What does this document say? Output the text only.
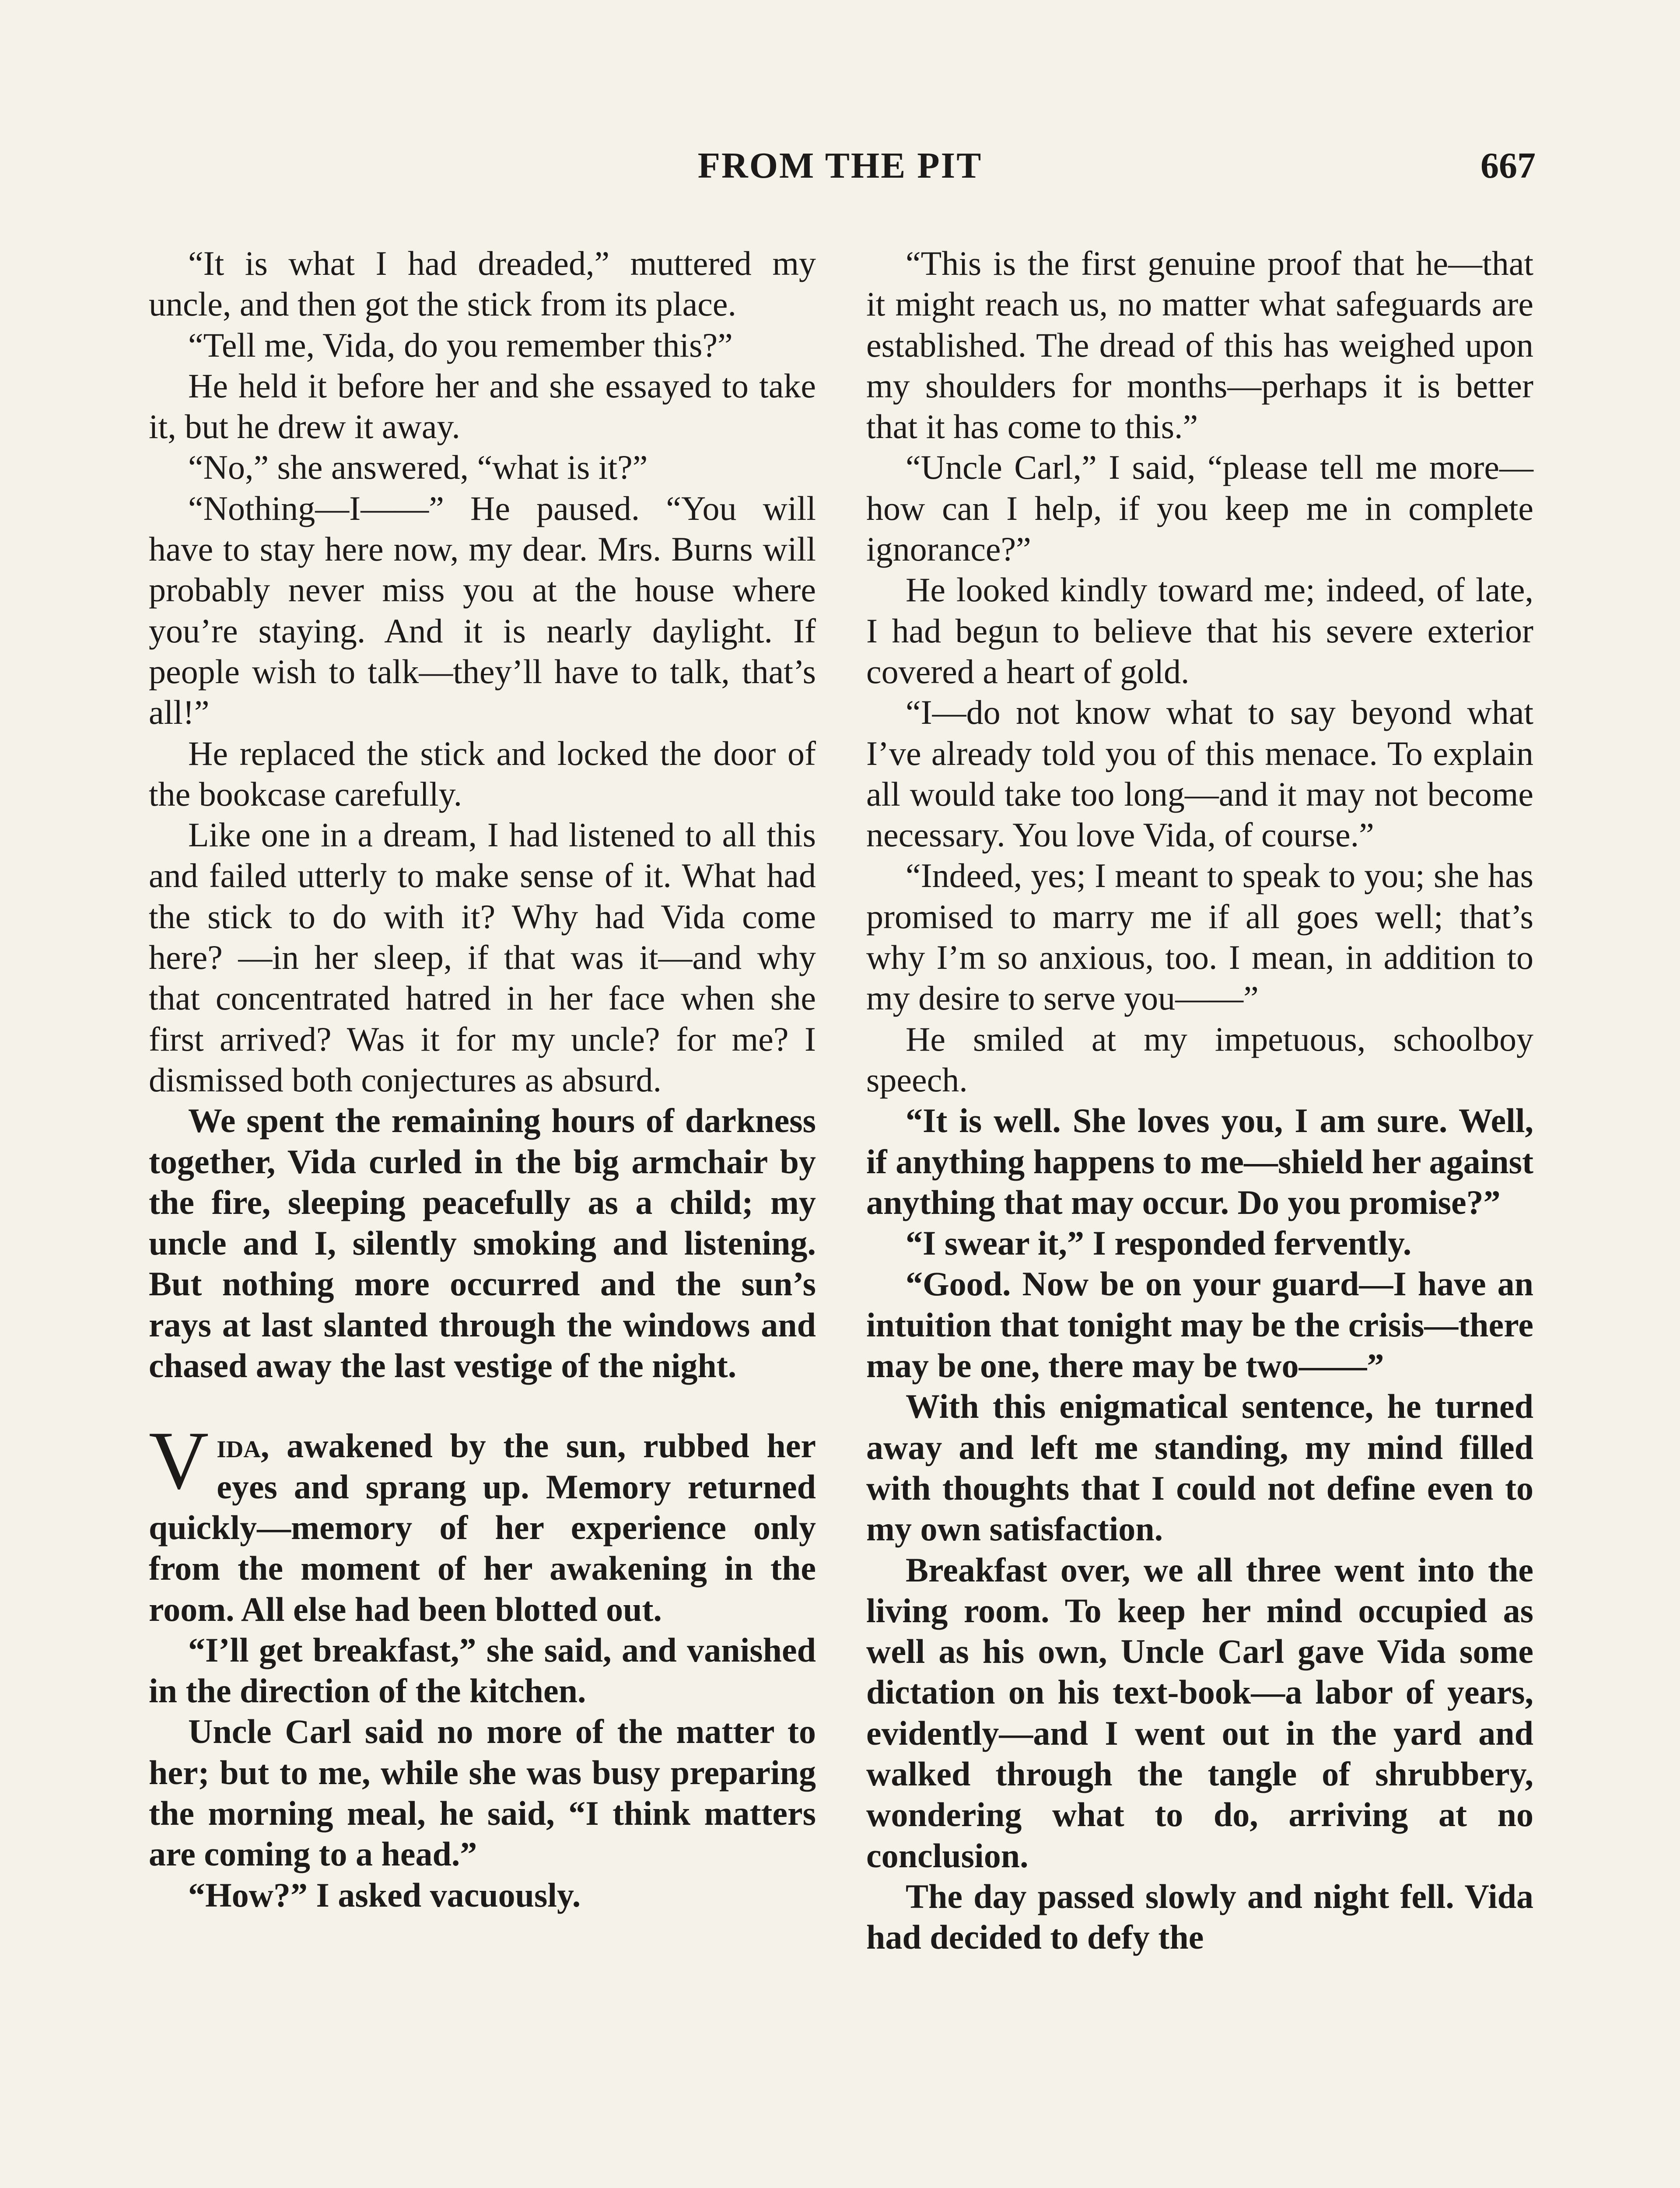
FROM THE PIT	667

“It is what I had dreaded,” muttered my uncle, and then got the stick from its place.

“Tell me, Vida, do you remember this?”

He held it before her and she essayed to take it, but he drew it away.

“No,” she answered, “what is it?”

“Nothing—I——” He paused. “You will have to stay here now, my dear. Mrs. Burns will probably never miss you at the house where you’re staying. And it is nearly daylight. If people wish to talk—they’ll have to talk, that’s all!”

He replaced the stick and locked the door of the bookcase carefully.

Like one in a dream, I had listened to all this and failed utterly to make sense of it. What had the stick to do with it? Why had Vida come here? —in her sleep, if that was it—and why that concentrated hatred in her face when she first arrived? Was it for my uncle? for me? I dismissed both conjectures as absurd.

We spent the remaining hours of darkness together, Vida curled in the big armchair by the fire, sleeping peacefully as a child; my uncle and I, silently smoking and listening. But nothing more occurred and the sun’s rays at last slanted through the windows and chased away the last vestige of the night.

Vida, awakened by the sun, rubbed her eyes and sprang up. Memory returned quickly—memory of her experience only from the moment of her awakening in the room. All else had been blotted out.

“I’ll get breakfast,” she said, and vanished in the direction of the kitchen.

Uncle Carl said no more of the matter to her; but to me, while she was busy preparing the morning meal, he said, “I think matters are coming to a head.”

“How?” I asked vacuously.

“This is the first genuine proof that he—that it might reach us, no matter what safeguards are established. The dread of this has weighed upon my shoulders for months—perhaps it is better that it has come to this.”

“Uncle Carl,” I said, “please tell me more—how can I help, if you keep me in complete ignorance?”

He looked kindly toward me; indeed, of late, I had begun to believe that his severe exterior covered a heart of gold.

“I—do not know what to say beyond what I’ve already told you of this menace. To explain all would take too long—and it may not become necessary. You love Vida, of course.”

“Indeed, yes; I meant to speak to you; she has promised to marry me if all goes well; that’s why I’m so anxious, too. I mean, in addition to my desire to serve you——”

He smiled at my impetuous, schoolboy speech.

“It is well. She loves you, I am sure. Well, if anything happens to me—shield her against anything that may occur. Do you promise?”

“I swear it,” I responded fervently.

“Good. Now be on your guard—I have an intuition that tonight may be the crisis—there may be one, there may be two——”

With this enigmatical sentence, he turned away and left me standing, my mind filled with thoughts that I could not define even to my own satisfaction.

Breakfast over, we all three went into the living room. To keep her mind occupied as well as his own, Uncle Carl gave Vida some dictation on his text-book—a labor of years, evidently—and I went out in the yard and walked through the tangle of shrubbery, wondering what to do, arriving at no conclusion.

The day passed slowly and night fell. Vida had decided to defy the
